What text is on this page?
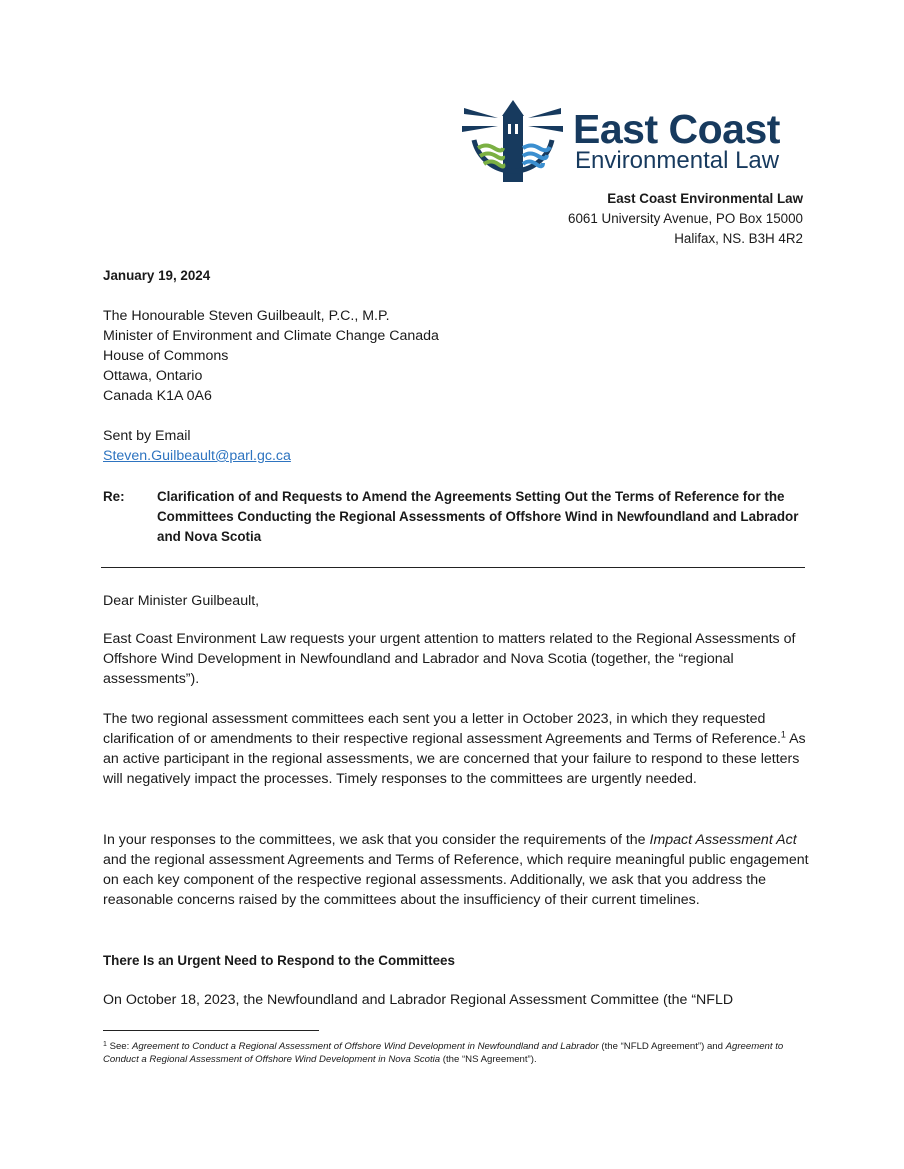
East Coast
Environmental Law
East Coast Environmental Law
6061 University Avenue, PO Box 15000
Halifax, NS. B3H 4R2
January 19, 2024
The Honourable Steven Guilbeault, P.C., M.P.
Minister of Environment and Climate Change Canada
House of Commons
Ottawa, Ontario
Canada K1A 0A6
Sent by Email
Steven.Guilbeault@parl.gc.ca
Re: Clarification of and Requests to Amend the Agreements Setting Out the Terms of Reference for the Committees Conducting the Regional Assessments of Offshore Wind in Newfoundland and Labrador and Nova Scotia

Dear Minister Guilbeault,

East Coast Environment Law requests your urgent attention to matters related to the Regional Assessments of Offshore Wind Development in Newfoundland and Labrador and Nova Scotia (together, the “regional assessments”).

The two regional assessment committees each sent you a letter in October 2023, in which they requested clarification of or amendments to their respective regional assessment Agreements and Terms of Reference.$^1$ As an active participant in the regional assessments, we are concerned that your failure to respond to these letters will negatively impact the processes. Timely responses to the committees are urgently needed.

In your responses to the committees, we ask that you consider the requirements of the Impact Assessment Act and the regional assessment Agreements and Terms of Reference, which require meaningful public engagement on each key component of the respective regional assessments. Additionally, we ask that you address the reasonable concerns raised by the committees about the insufficiency of their current timelines.

There Is an Urgent Need to Respond to the Committees

On October 18, 2023, the Newfoundland and Labrador Regional Assessment Committee (the “NFLD

$^1$ See: Agreement to Conduct a Regional Assessment of Offshore Wind Development in Newfoundland and Labrador (the “NFLD Agreement”) and Agreement to Conduct a Regional Assessment of Offshore Wind Development in Nova Scotia (the “NS Agreement”).
